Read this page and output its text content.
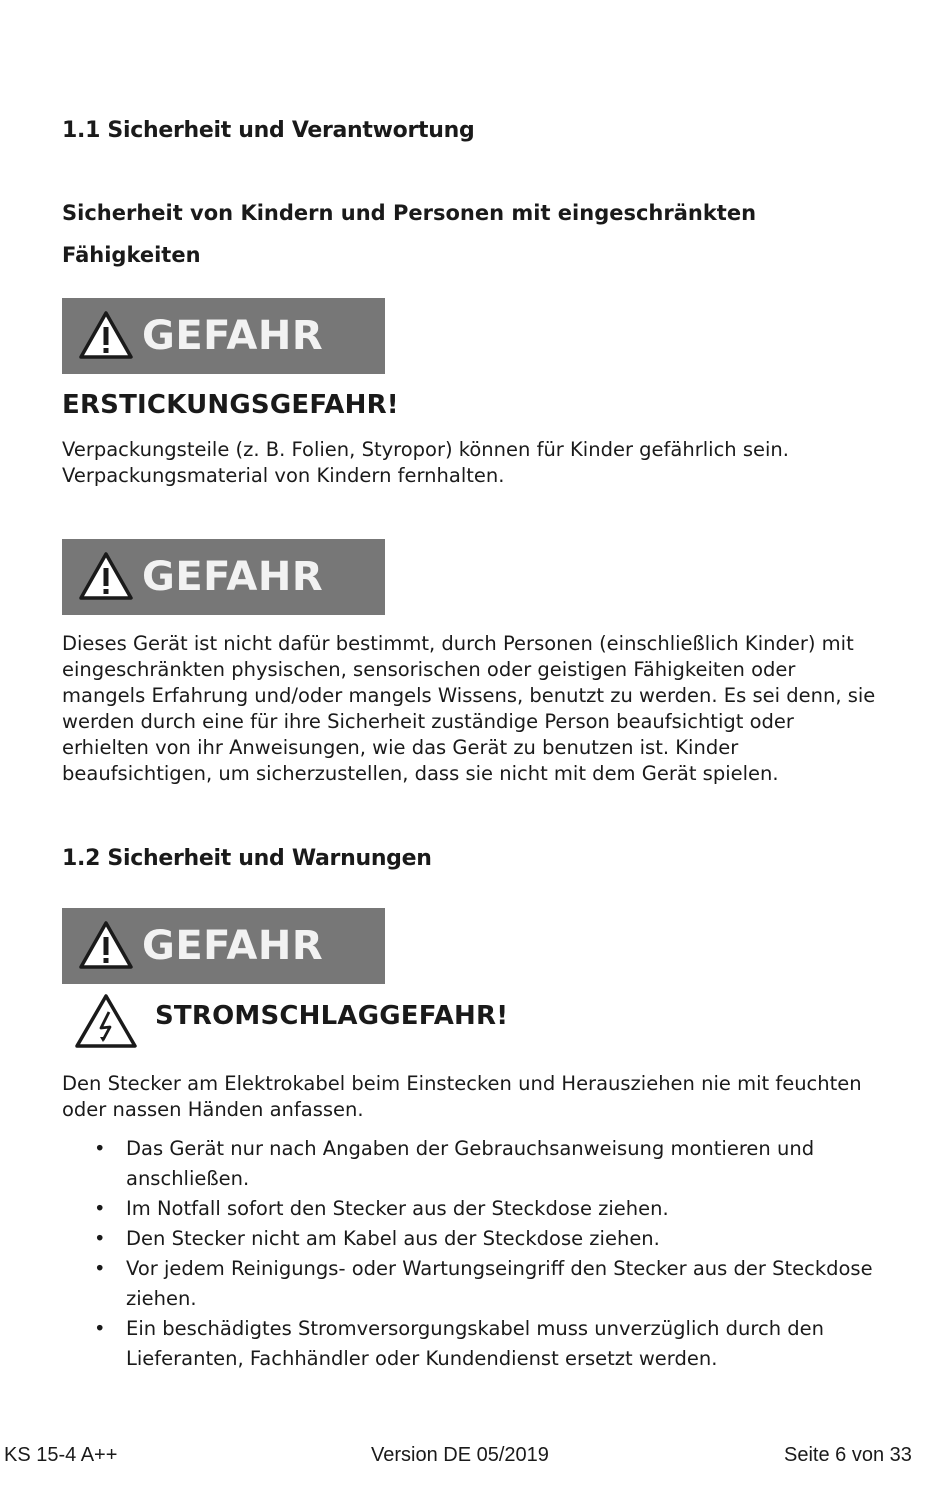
1.1 Sicherheit und Verantwortung
Sicherheit von Kindern und Personen mit eingeschränkten
Fähigkeiten
GEFAHR
ERSTICKUNGSGEFAHR!
Verpackungsteile (z. B. Folien, Styropor) können für Kinder gefährlich sein. Verpackungsmaterial von Kindern fernhalten.
GEFAHR
Dieses Gerät ist nicht dafür bestimmt, durch Personen (einschließlich Kinder) mit eingeschränkten physischen, sensorischen oder geistigen Fähigkeiten oder mangels Erfahrung und/oder mangels Wissens, benutzt zu werden. Es sei denn, sie werden durch eine für ihre Sicherheit zuständige Person beaufsichtigt oder erhielten von ihr Anweisungen, wie das Gerät zu benutzen ist. Kinder beaufsichtigen, um sicherzustellen, dass sie nicht mit dem Gerät spielen.
1.2 Sicherheit und Warnungen
GEFAHR
STROMSCHLAGGEFAHR!
Den Stecker am Elektrokabel beim Einstecken und Herausziehen nie mit feuchten oder nassen Händen anfassen.
• Das Gerät nur nach Angaben der Gebrauchsanweisung montieren und anschließen.
• Im Notfall sofort den Stecker aus der Steckdose ziehen.
• Den Stecker nicht am Kabel aus der Steckdose ziehen.
• Vor jedem Reinigungs- oder Wartungseingriff den Stecker aus der Steckdose ziehen.
• Ein beschädigtes Stromversorgungskabel muss unverzüglich durch den Lieferanten, Fachhändler oder Kundendienst ersetzt werden.
KS 15-4 A++	Version DE 05/2019	Seite 6 von 33
